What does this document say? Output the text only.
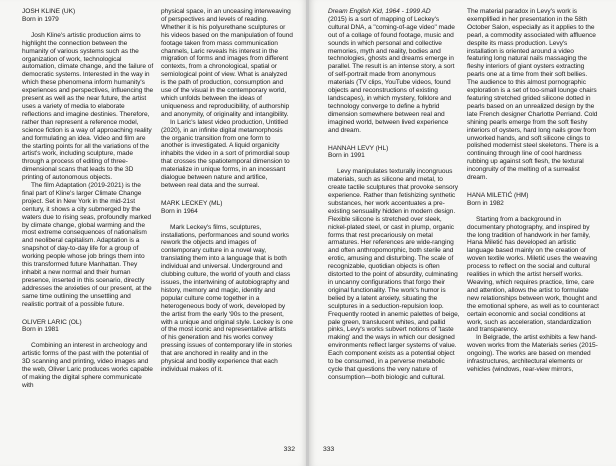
JOSH KLINE (UK)

Born in 1979

Josh Kline's artistic production aims to highlight the connection between the humanity of various systems such as the organization of work, technological automation, climate change, and the failure of democratic systems. Interested in the way in which these phenomena inform humanity's experiences and perspectives, influencing the present as well as the near future, the artist uses a variety of media to elaborate reflections and imagine destinies. Therefore, rather than represent a reference model, science fiction is a way of approaching reality and formulating an idea. Video and film are the starting points for all the variations of the artist's work, including sculpture, made through a process of editing of three-dimensional scans that leads to the 3D printing of autonomous objects.

The film Adaptation (2019-2021) is the final part of Kline's larger Climate Change project. Set in New York in the mid-21st century, it shows a city submerged by the waters due to rising seas, profoundly marked by climate change, global warming and the most extreme consequences of nationalism and neoliberal capitalism. Adaptation is a snapshot of day-to-day life for a group of working people whose job brings them into this transformed future Manhattan. They inhabit a new normal and their human presence, inserted in this scenario, directly addresses the anxieties of our present, at the same time outlining the unsettling and realistic portrait of a possible future.

OLIVER LARIC (OL)

Born in 1981

Combining an interest in archeology and artistic forms of the past with the potential of 3D scanning and printing, video images and the web, Oliver Laric produces works capable of making the digital sphere communicate with

physical space, in an unceasing interweaving of perspectives and levels of reading. Whether it is his polyurethane sculptures or his videos based on the manipulation of found footage taken from mass communication channels, Laric reveals his interest in the migration of forms and images from different contexts, from a chronological, spatial or semiological point of view. What is analyzed is the path of production, consumption and use of the visual in the contemporary world, which unfolds between the ideas of uniqueness and reproducibility, of authorship and anonymity, of originality and intangibility.

In Laric's latest video production, Untitled (2020), in an infinite digital metamorphosis the organic transition from one form to another is investigated. A liquid organicity inhabits the video in a sort of primordial soup that crosses the spatiotemporal dimension to materialize in unique forms, in an incessant dialogue between nature and artifice, between real data and the surreal.

MARK LECKEY (ML)

Born in 1964

Mark Leckey's films, sculptures, installations, performances and sound works rework the objects and images of contemporary culture in a novel way, translating them into a language that is both individual and universal. Underground and clubbing culture, the world of youth and class issues, the intertwining of autobiography and history, memory and magic, identity and popular culture come together in a heterogeneous body of work, developed by the artist from the early '90s to the present, with a unique and original style. Leckey is one of the most iconic and representative artists of his generation and his works convey pressing issues of contemporary life in stories that are anchored in reality and in the physical and bodily experience that each individual makes of it.

332

Dream English Kid, 1964 - 1999 AD

(2015) is a sort of mapping of Leckey's cultural DNA, a "coming-of-age video" made out of a collage of found footage, music and sounds in which personal and collective memories, myth and reality, bodies and technologies, ghosts and dreams emerge in parallel. The result is an intense story, a sort of self-portrait made from anonymous materials (TV clips, YouTube videos, found objects and reconstructions of existing landscapes), in which mystery, folklore and technology converge to define a hybrid dimension somewhere between real and imagined world, between lived experience and dream.

HANNAH LEVY (HL)

Born in 1991

Levy manipulates texturally incongruous materials, such as silicone and metal, to create tactile sculptures that provoke sensory experience. Rather than fetishizing synthetic substances, her work accentuates a pre-existing sensuality hidden in modern design. Flexible silicone is stretched over sleek, nickel-plated steel, or cast in plump, organic forms that rest precariously on metal armatures. Her references are wide-ranging and often anthropomorphic, both sterile and erotic, amusing and disturbing. The scale of recognizable, quotidian objects is often distorted to the point of absurdity, culminating in uncanny configurations that forgo their original functionality. The work's humor is belied by a latent anxiety, situating the sculptures in a seduction-repulsion loop. Frequently rooted in anemic palettes of beige, pale green, translucent whites, and pallid pinks, Levy's works subvert notions of 'taste making' and the ways in which our designed environments reflect larger systems of value. Each component exists as a potential object to be consumed, in a perverse metabolic cycle that questions the very nature of consumption—both biologic and cultural.

The material paradox in Levy's work is exemplified in her presentation in the 58th October Salon, especially as it applies to the pearl, a commodity associated with affluence despite its mass production. Levy's installation is oriented around a video featuring long natural nails massaging the fleshy interiors of giant oysters extracting pearls one at a time from their soft bellies. The audience to this almost pornographic exploration is a set of too-small lounge chairs featuring stretched grided silicone dotted in pearls based on an unrealized design by the late French designer Charlotte Perriand. Cold shining pearls emerge from the soft fleshy interiors of oysters, hard long nails grow from unworked hands, and soft silicone clings to polished modernist steel skeletons. There is a continuing through line of cool hardness rubbing up against soft flesh, the textural incongruity of the melting of a surrealist dream.

HANA MILETIĆ (HM)

Born in 1982

Starting from a background in documentary photography, and inspired by the long tradition of handwork in her family, Hana Miletić has developed an artistic language based mainly on the creation of woven textile works. Miletić uses the weaving process to reflect on the social and cultural realities in which the artist herself works. Weaving, which requires practice, time, care and attention, allows the artist to formulate new relationships between work, thought and the emotional sphere, as well as to counteract certain economic and social conditions at work, such as acceleration, standardization and transparency.

In Belgrade, the artist exhibits a few hand-woven works from the Materials series (2015-ongoing). The works are based on mended infrastructures, architectural elements or vehicles (windows, rear-view mirrors,

333
